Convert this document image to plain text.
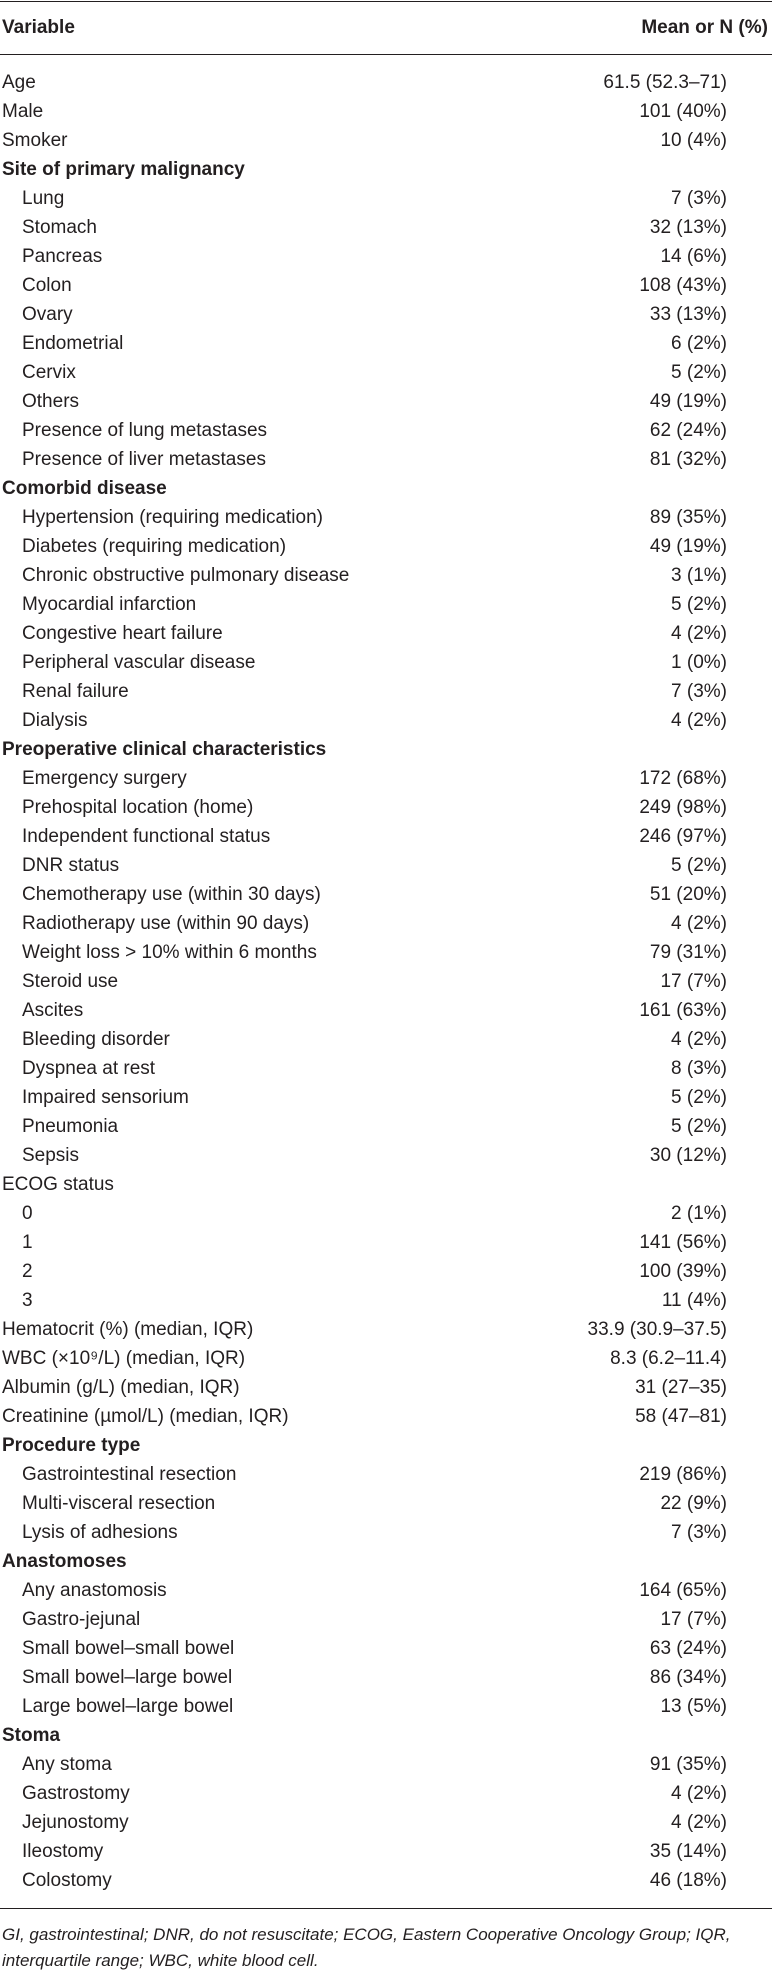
Variable	Mean or N (%)
Age	61.5 (52.3–71)
Male	101 (40%)
Smoker	10 (4%)
Site of primary malignancy
Lung	7 (3%)
Stomach	32 (13%)
Pancreas	14 (6%)
Colon	108 (43%)
Ovary	33 (13%)
Endometrial	6 (2%)
Cervix	5 (2%)
Others	49 (19%)
Presence of lung metastases	62 (24%)
Presence of liver metastases	81 (32%)
Comorbid disease
Hypertension (requiring medication)	89 (35%)
Diabetes (requiring medication)	49 (19%)
Chronic obstructive pulmonary disease	3 (1%)
Myocardial infarction	5 (2%)
Congestive heart failure	4 (2%)
Peripheral vascular disease	1 (0%)
Renal failure	7 (3%)
Dialysis	4 (2%)
Preoperative clinical characteristics
Emergency surgery	172 (68%)
Prehospital location (home)	249 (98%)
Independent functional status	246 (97%)
DNR status	5 (2%)
Chemotherapy use (within 30 days)	51 (20%)
Radiotherapy use (within 90 days)	4 (2%)
Weight loss > 10% within 6 months	79 (31%)
Steroid use	17 (7%)
Ascites	161 (63%)
Bleeding disorder	4 (2%)
Dyspnea at rest	8 (3%)
Impaired sensorium	5 (2%)
Pneumonia	5 (2%)
Sepsis	30 (12%)
ECOG status
0	2 (1%)
1	141 (56%)
2	100 (39%)
3	11 (4%)
Hematocrit (%) (median, IQR)	33.9 (30.9–37.5)
WBC (×10⁹/L) (median, IQR)	8.3 (6.2–11.4)
Albumin (g/L) (median, IQR)	31 (27–35)
Creatinine (µmol/L) (median, IQR)	58 (47–81)
Procedure type
Gastrointestinal resection	219 (86%)
Multi-visceral resection	22 (9%)
Lysis of adhesions	7 (3%)
Anastomoses
Any anastomosis	164 (65%)
Gastro-jejunal	17 (7%)
Small bowel–small bowel	63 (24%)
Small bowel–large bowel	86 (34%)
Large bowel–large bowel	13 (5%)
Stoma
Any stoma	91 (35%)
Gastrostomy	4 (2%)
Jejunostomy	4 (2%)
Ileostomy	35 (14%)
Colostomy	46 (18%)
GI, gastrointestinal; DNR, do not resuscitate; ECOG, Eastern Cooperative Oncology Group; IQR, interquartile range; WBC, white blood cell.
